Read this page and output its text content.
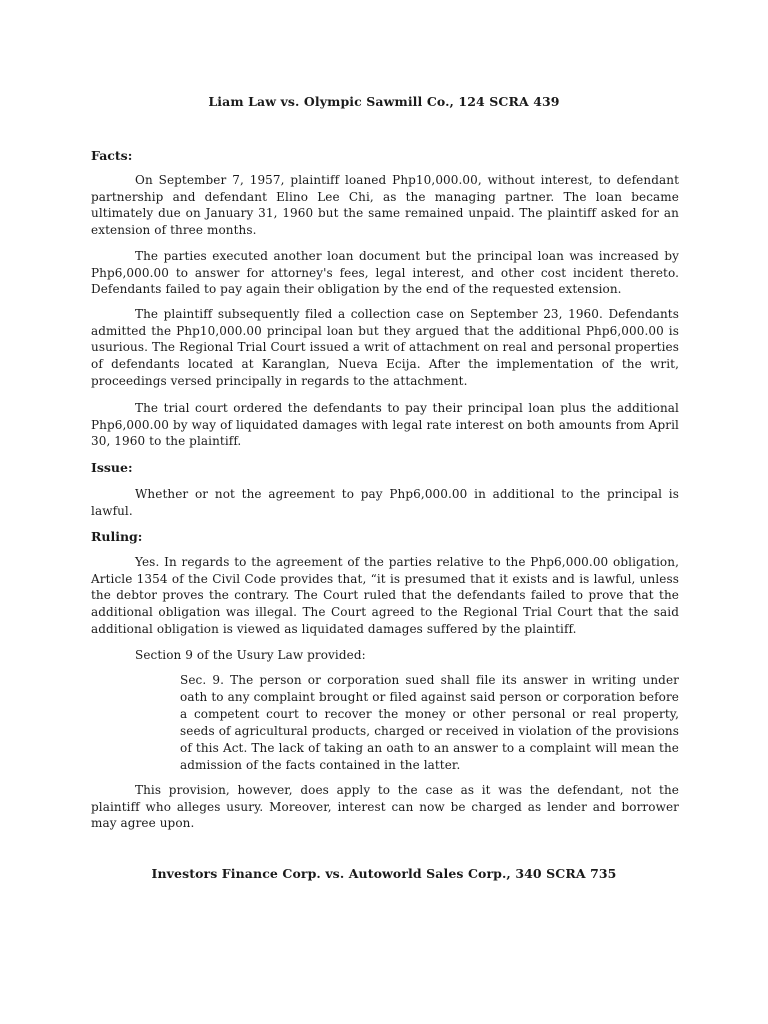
Liam Law vs. Olympic Sawmill Co., 124 SCRA 439
Facts:

On September 7, 1957, plaintiff loaned Php10,000.00, without interest, to defendant partnership and defendant Elino Lee Chi, as the managing partner. The loan became ultimately due on January 31, 1960 but the same remained unpaid. The plaintiff asked for an extension of three months.

The parties executed another loan document but the principal loan was increased by Php6,000.00 to answer for attorney's fees, legal interest, and other cost incident thereto. Defendants failed to pay again their obligation by the end of the requested extension.

The plaintiff subsequently filed a collection case on September 23, 1960. Defendants admitted the Php10,000.00 principal loan but they argued that the additional Php6,000.00 is usurious. The Regional Trial Court issued a writ of attachment on real and personal properties of defendants located at Karanglan, Nueva Ecija. After the implementation of the writ, proceedings versed principally in regards to the attachment.

The trial court ordered the defendants to pay their principal loan plus the additional Php6,000.00 by way of liquidated damages with legal rate interest on both amounts from April 30, 1960 to the plaintiff.

Issue:

Whether or not the agreement to pay Php6,000.00 in additional to the principal is lawful.

Ruling:

Yes. In regards to the agreement of the parties relative to the Php6,000.00 obligation, Article 1354 of the Civil Code provides that, “it is presumed that it exists and is lawful, unless the debtor proves the contrary. The Court ruled that the defendants failed to prove that the additional obligation was illegal. The Court agreed to the Regional Trial Court that the said additional obligation is viewed as liquidated damages suffered by the plaintiff.

Section 9 of the Usury Law provided:

Sec. 9. The person or corporation sued shall file its answer in writing under oath to any complaint brought or filed against said person or corporation before a competent court to recover the money or other personal or real property, seeds of agricultural products, charged or received in violation of the provisions of this Act. The lack of taking an oath to an answer to a complaint will mean the admission of the facts contained in the latter.

This provision, however, does apply to the case as it was the defendant, not the plaintiff who alleges usury. Moreover, interest can now be charged as lender and borrower may agree upon.

Investors Finance Corp. vs. Autoworld Sales Corp., 340 SCRA 735
